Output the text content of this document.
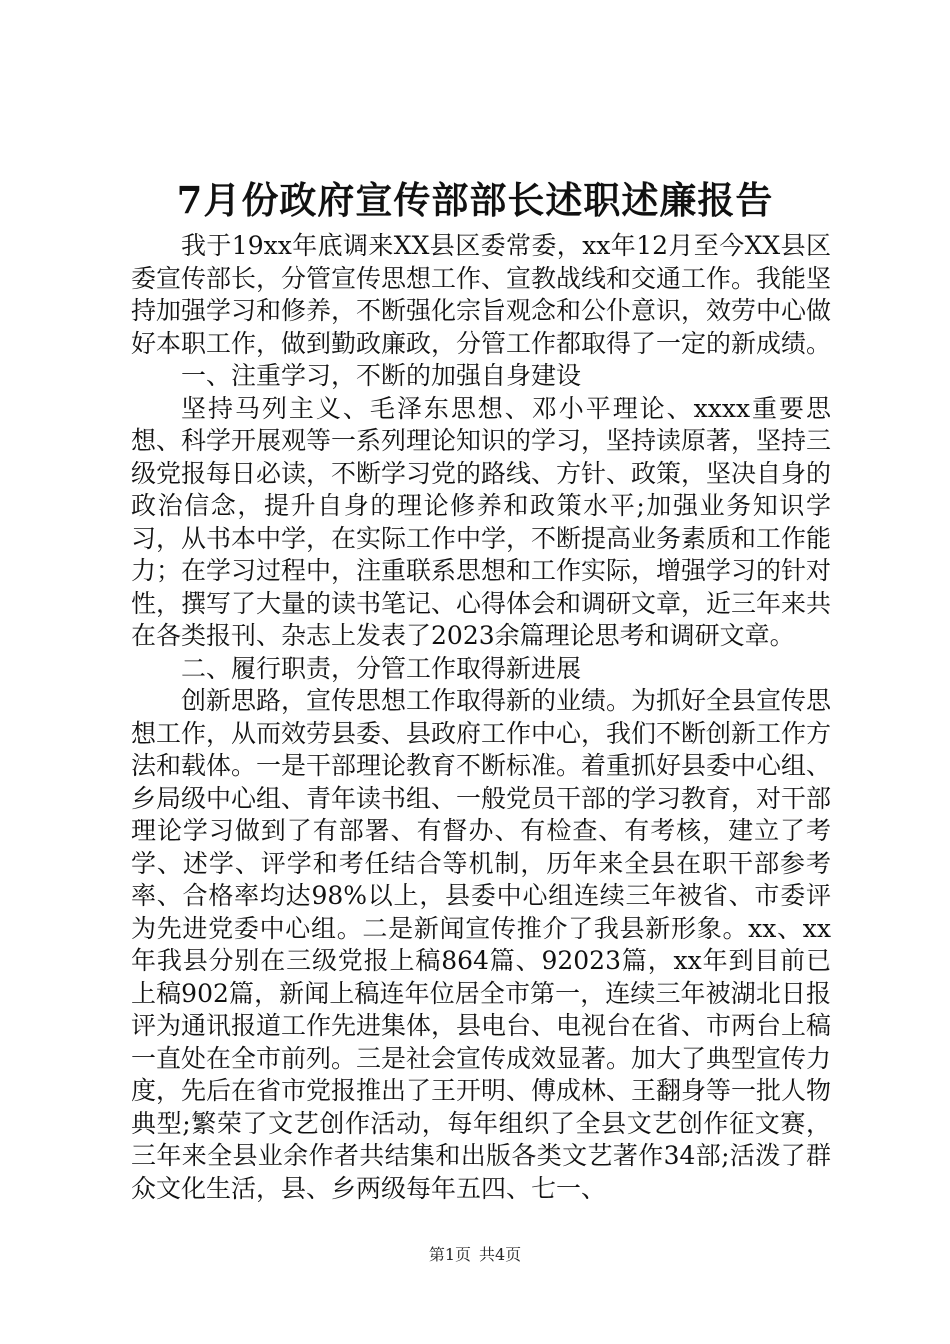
7月份政府宣传部部长述职述廉报告

我于19xx年底调来XX县区委常委，xx年12月至今XX县区委宣传部长，分管宣传思想工作、宣教战线和交通工作。我能坚持加强学习和修养，不断强化宗旨观念和公仆意识，效劳中心做好本职工作，做到勤政廉政，分管工作都取得了一定的新成绩。

一、注重学习，不断的加强自身建设

坚持马列主义、毛泽东思想、邓小平理论、xxxx重要思想、科学开展观等一系列理论知识的学习，坚持读原著，坚持三级党报每日必读，不断学习党的路线、方针、政策，坚决自身的政治信念，提升自身的理论修养和政策水平;加强业务知识学习，从书本中学，在实际工作中学，不断提高业务素质和工作能力；在学习过程中，注重联系思想和工作实际，增强学习的针对性，撰写了大量的读书笔记、心得体会和调研文章，近三年来共在各类报刊、杂志上发表了2023余篇理论思考和调研文章。

二、履行职责，分管工作取得新进展

创新思路，宣传思想工作取得新的业绩。为抓好全县宣传思想工作，从而效劳县委、县政府工作中心，我们不断创新工作方法和载体。一是干部理论教育不断标准。着重抓好县委中心组、乡局级中心组、青年读书组、一般党员干部的学习教育，对干部理论学习做到了有部署、有督办、有检查、有考核，建立了考学、述学、评学和考任结合等机制，历年来全县在职干部参考率、合格率均达98%以上，县委中心组连续三年被省、市委评为先进党委中心组。二是新闻宣传推介了我县新形象。xx、xx年我县分别在三级党报上稿864篇、92023篇，xx年到目前已上稿902篇，新闻上稿连年位居全市第一，连续三年被湖北日报评为通讯报道工作先进集体，县电台、电视台在省、市两台上稿一直处在全市前列。三是社会宣传成效显著。加大了典型宣传力度，先后在省市党报推出了王开明、傅成林、王翻身等一批人物典型;繁荣了文艺创作活动，每年组织了全县文艺创作征文赛，三年来全县业余作者共结集和出版各类文艺著作34部;活泼了群众文化生活，县、乡两级每年五四、七一、

第1页 共4页
